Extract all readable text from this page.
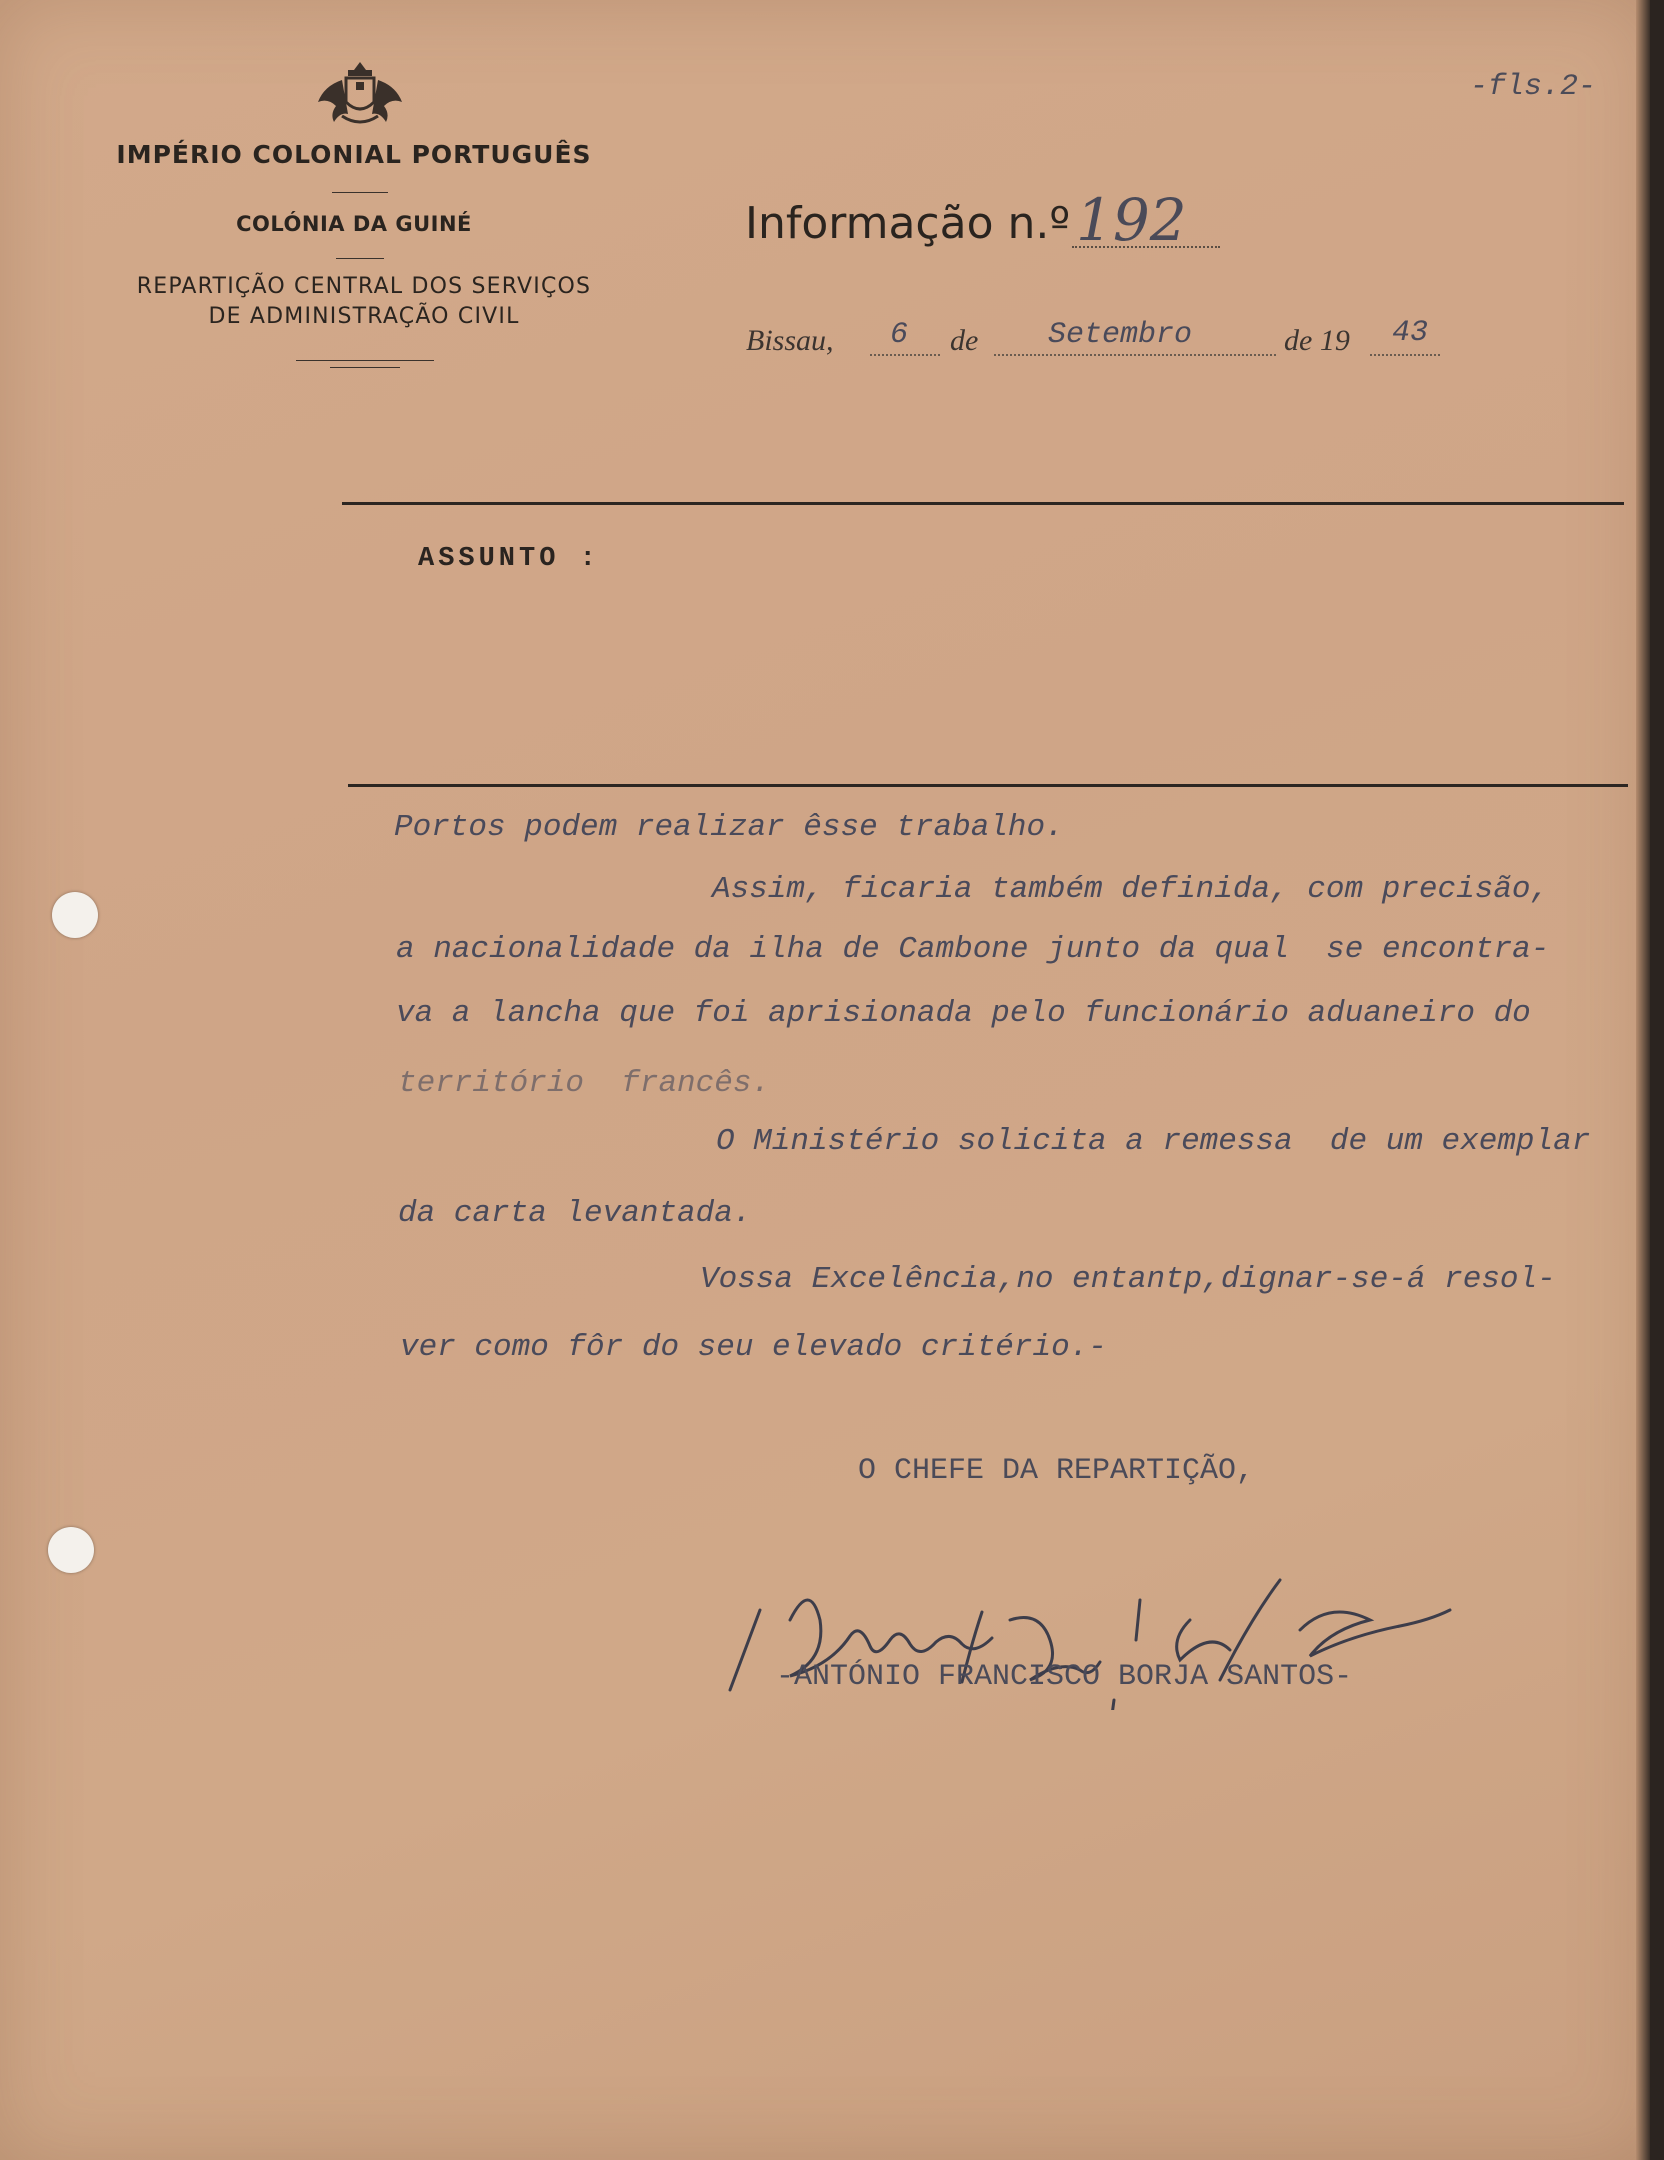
IMPÉRIO COLONIAL PORTUGUÊS
COLÓNIA DA GUINÉ
REPARTIÇÃO CENTRAL DOS SERVIÇOS
DE ADMINISTRAÇÃO CIVIL
-fls.2-
Informação n.º 192
Bissau, 6 de Setembro	de 19 43
ASSUNTO :
Portos podem realizar êsse trabalho.
Assim, ficaria também definida, com precisão,
a nacionalidade da ilha de Cambone junto da qual  se encontra-
va a lancha que foi aprisionada pelo funcionário aduaneiro do
território  francês.
O Ministério solicita a remessa  de um exemplar
da carta levantada.
Vossa Excelência,no entantp,dignar-se-á resol-
ver como fôr do seu elevado critério.-
O CHEFE DA REPARTIÇÃO,
-ANTÓNIO FRANCISCO BORJA SANTOS-
